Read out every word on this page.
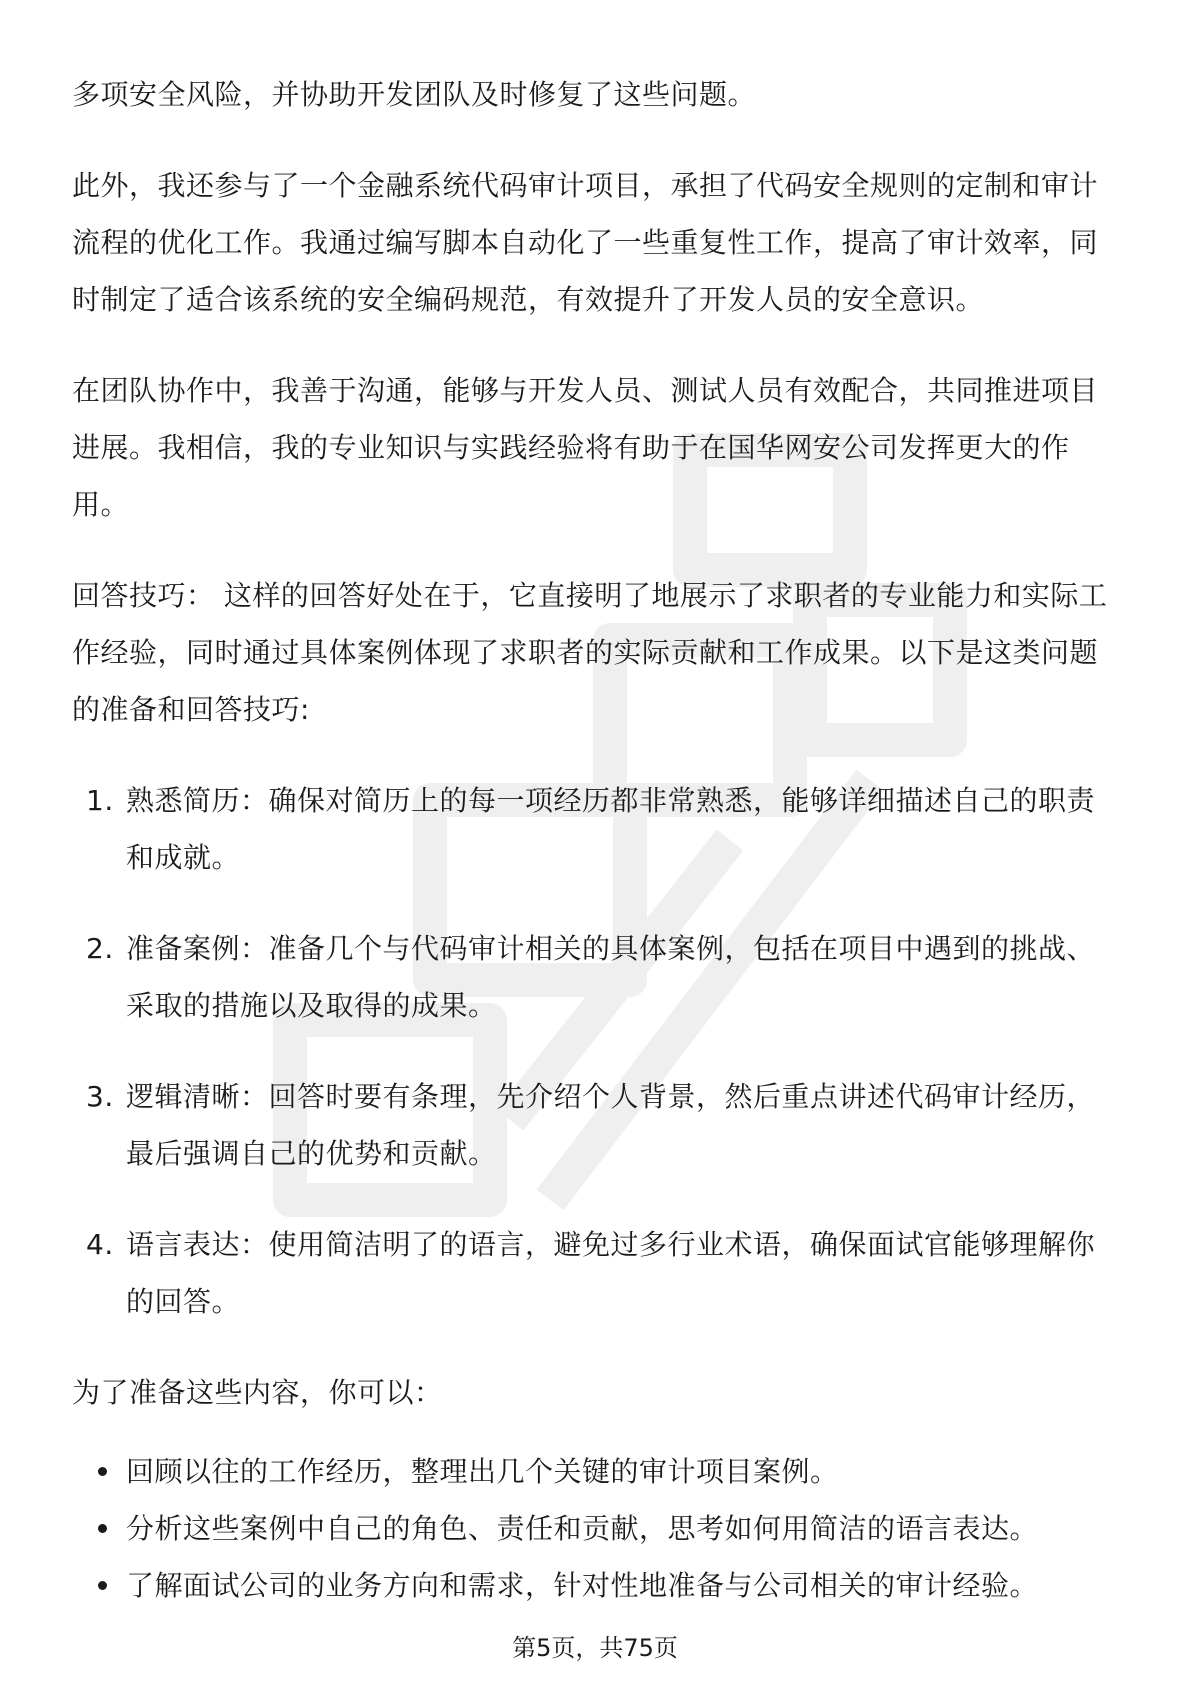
多项安全风险，并协助开发团队及时修复了这些问题。

此外，我还参与了一个金融系统代码审计项目，承担了代码安全规则的定制和审计流程的优化工作。我通过编写脚本自动化了一些重复性工作，提高了审计效率，同时制定了适合该系统的安全编码规范，有效提升了开发人员的安全意识。

在团队协作中，我善于沟通，能够与开发人员、测试人员有效配合，共同推进项目进展。我相信，我的专业知识与实践经验将有助于在国华网安公司发挥更大的作用。

回答技巧： 这样的回答好处在于，它直接明了地展示了求职者的专业能力和实际工作经验，同时通过具体案例体现了求职者的实际贡献和工作成果。以下是这类问题的准备和回答技巧:

1. 熟悉简历：确保对简历上的每一项经历都非常熟悉，能够详细描述自己的职责和成就。
2. 准备案例：准备几个与代码审计相关的具体案例，包括在项目中遇到的挑战、采取的措施以及取得的成果。
3. 逻辑清晰：回答时要有条理，先介绍个人背景，然后重点讲述代码审计经历，最后强调自己的优势和贡献。
4. 语言表达：使用简洁明了的语言，避免过多行业术语，确保面试官能够理解你的回答。

为了准备这些内容，你可以：

回顾以往的工作经历，整理出几个关键的审计项目案例。
分析这些案例中自己的角色、责任和贡献，思考如何用简洁的语言表达。
了解面试公司的业务方向和需求，针对性地准备与公司相关的审计经验。
第5页，共75页
